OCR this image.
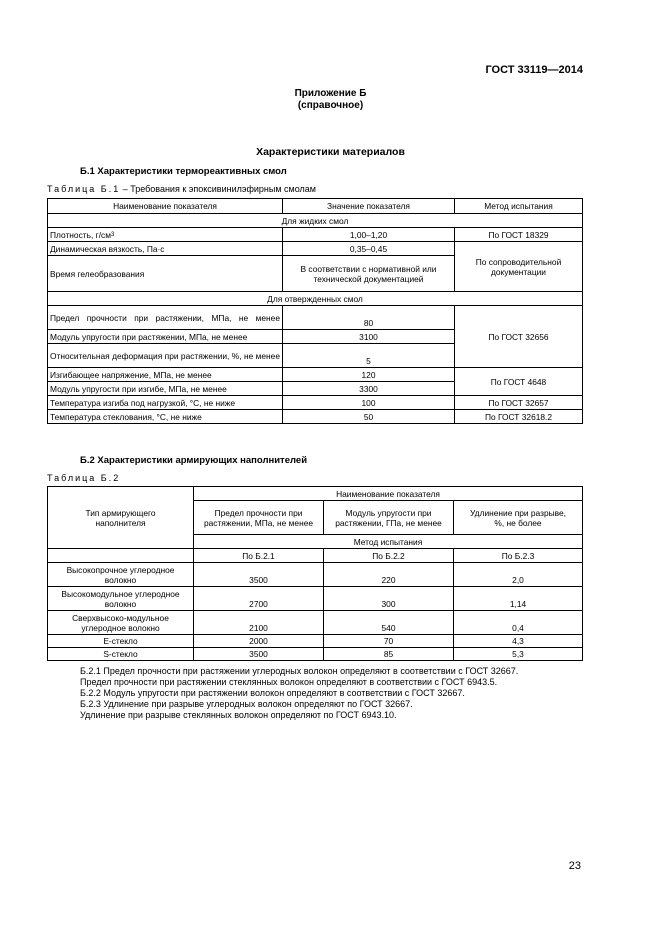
ГОСТ 33119—2014
Приложение Б
(справочное)
Характеристики материалов
Б.1 Характеристики термореактивных смол
Таблица Б.1 – Требования к эпоксивинилэфирным смолам
Наименование показателя	Значение показателя	Метод испытания
Для жидких смол		
Плотность, $г/см^3$	1,00–1,20	По ГОСТ 18329
Динамическая вязкость, Па·с	0,35–0,45	По сопроводительной документации
Время гелеобразования	В соответствии с нормативной или технической документацией	
Для отвержденных смол		
Предел прочности при растяжении, МПа, не менее	80	По ГОСТ 32656
Модуль упругости при растяжении, МПа, не менее	3100	
Относительная деформация при растяжении, %, не менее	5	
Изгибающее напряжение, МПа, не менее	120	По ГОСТ 4648
Модуль упругости при изгибе, МПа, не менее	3300	
Температура изгиба под нагрузкой, °С, не ниже	100	По ГОСТ 32657
Температура стеклования, °С, не ниже	50	По ГОСТ 32618.2
Б.2 Характеристики армирующих наполнителей
Таблица Б.2
Тип армирующего наполнителя	Наименование показателя		
	Предел прочности при растяжении, МПа, не менее	Модуль упругости при растяжении, ГПа, не менее	Удлинение при разрыве, %, не более
	Метод испытания		
	По Б.2.1	По Б.2.2	По Б.2.3
Высокопрочное углеродное волокно	3500	220	2,0
Высокомодульное углеродное волокно	2700	300	1,14
Сверхвысоко-модульное углеродное волокно	2100	540	0,4
Е-стекло	2000	70	4,3
S-стекло	3500	85	5,3
Б.2.1 Предел прочности при растяжении углеродных волокон определяют в соответствии с ГОСТ 32667.
Предел прочности при растяжении стеклянных волокон определяют в соответствии с ГОСТ 6943.5.
Б.2.2 Модуль упругости при растяжении волокон определяют в соответствии с ГОСТ 32667.
Б.2.3 Удлинение при разрыве углеродных волокон определяют по ГОСТ 32667.
Удлинение при разрыве стеклянных волокон определяют по ГОСТ 6943.10.
23
